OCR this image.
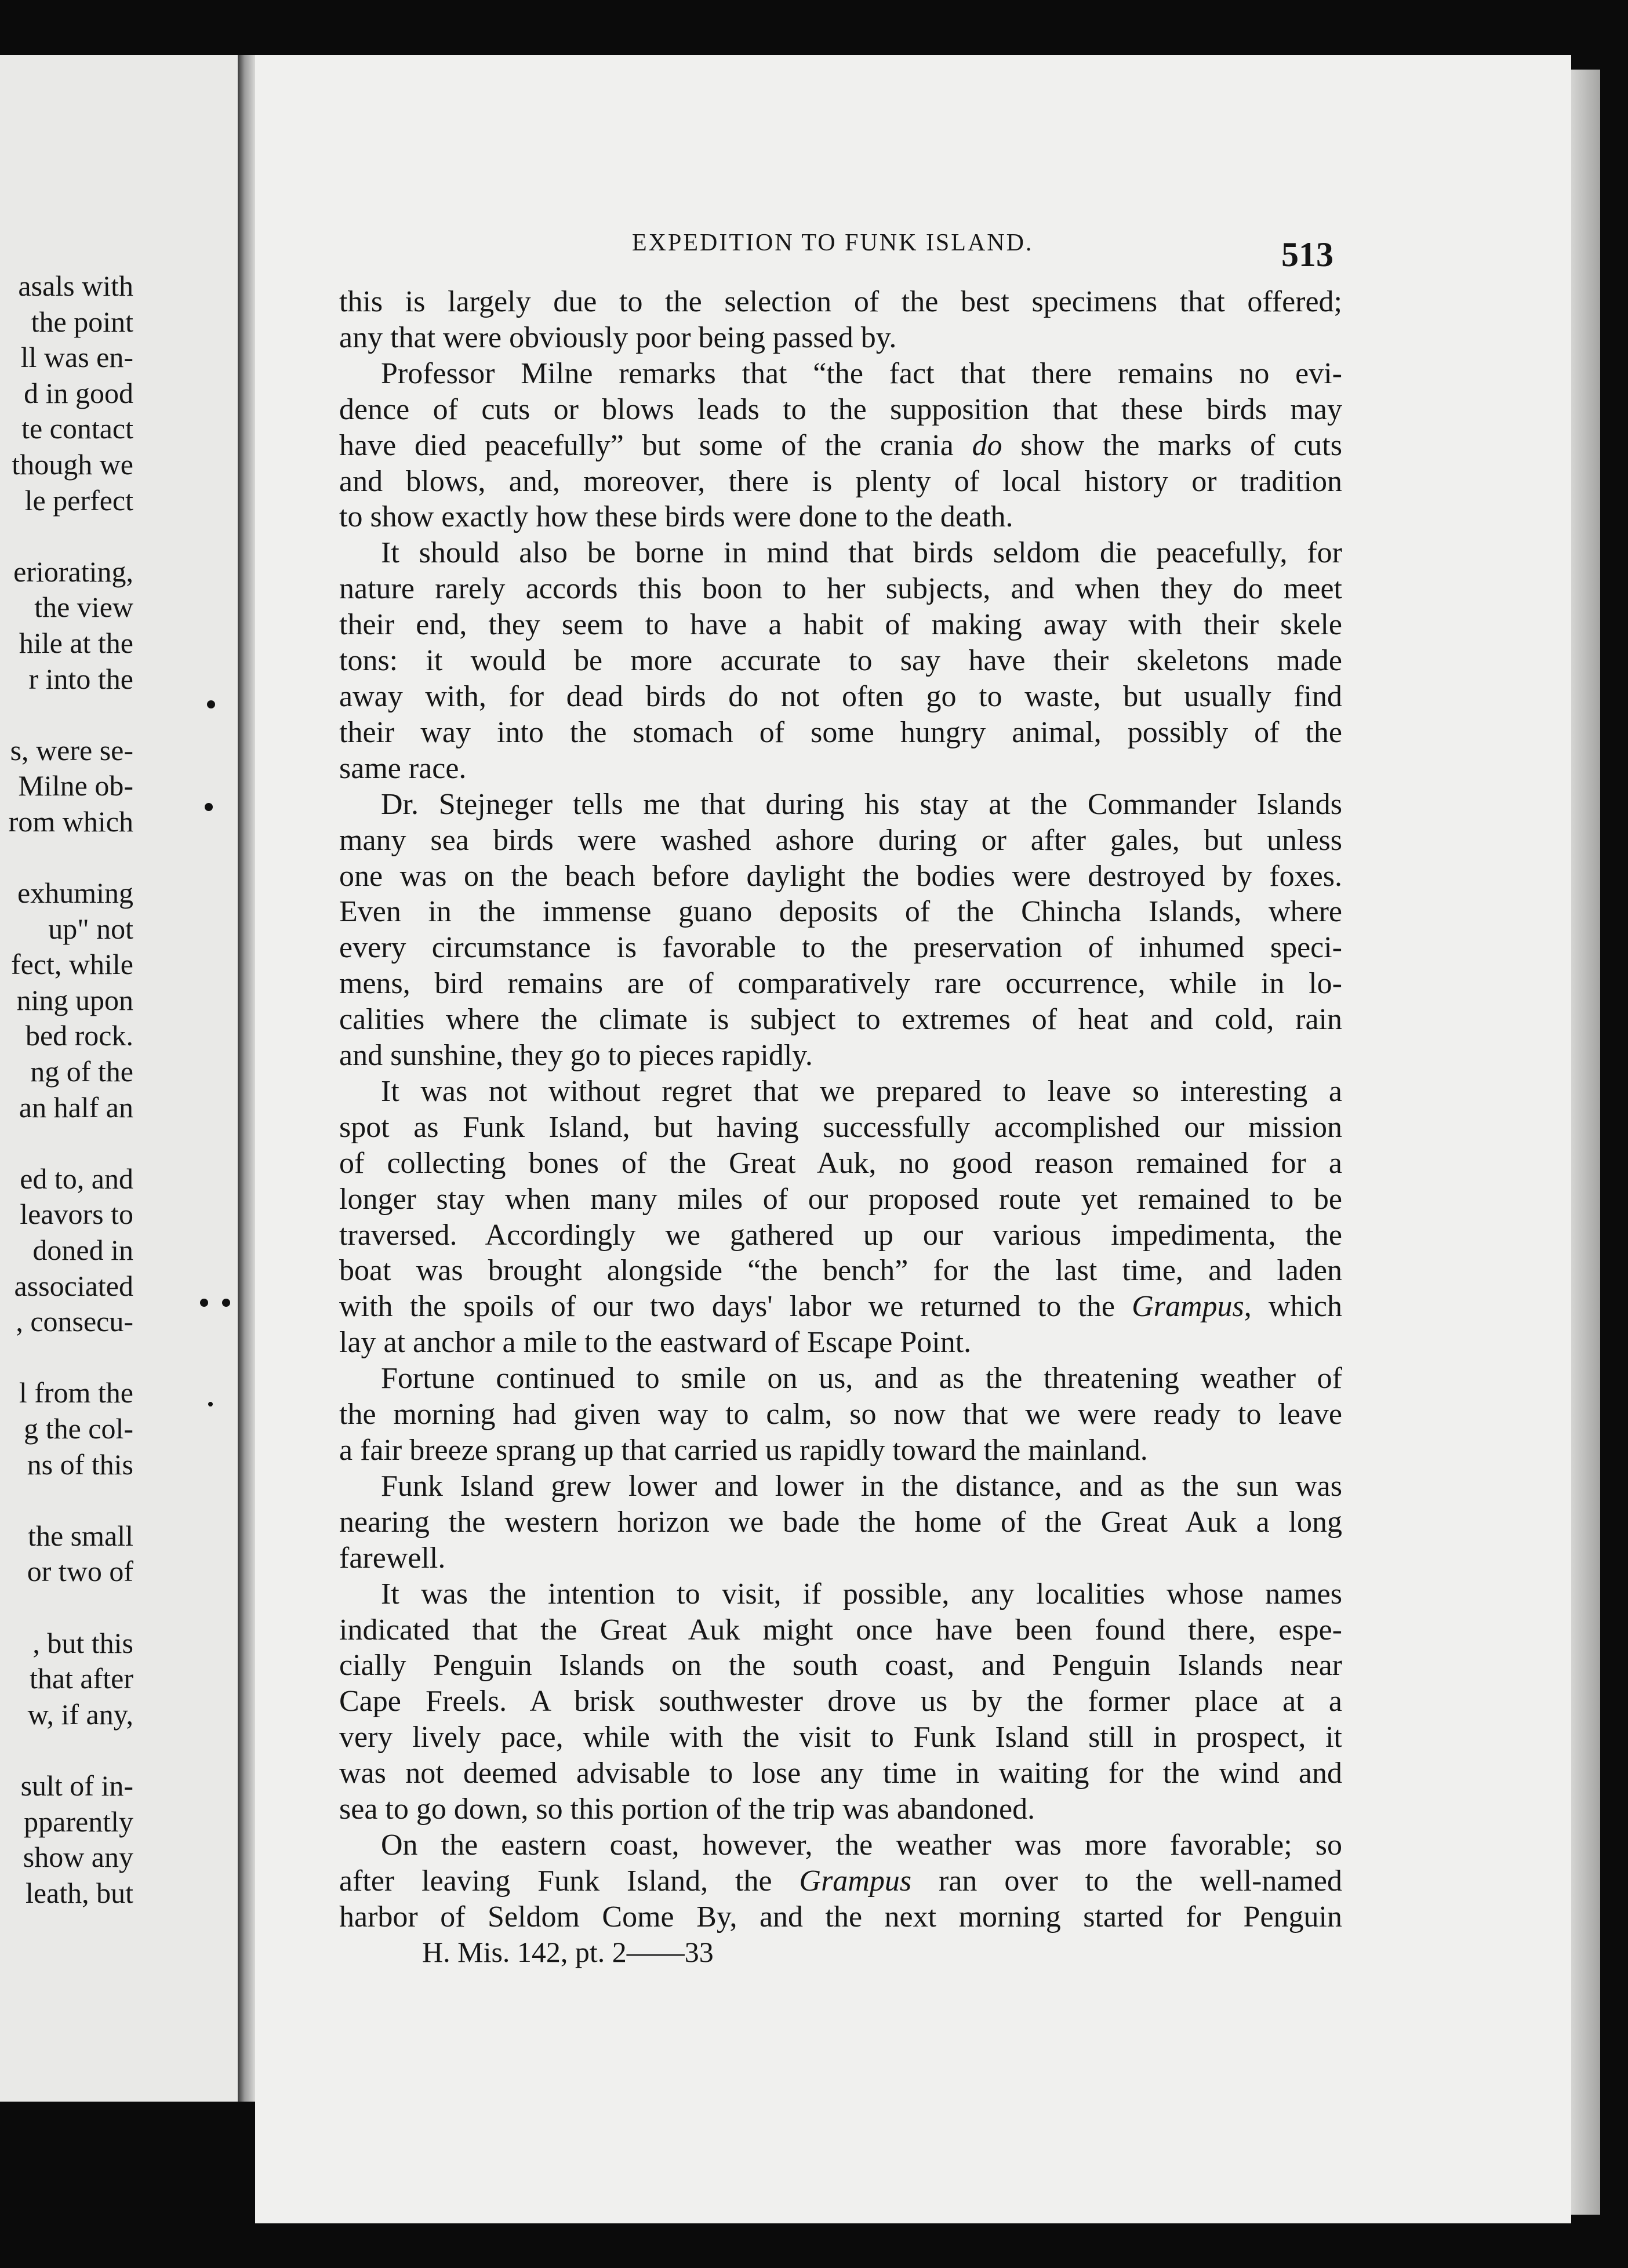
asals with
the point
ll was en-
d in good
te contact
though we
le perfect
eriorating,
the view
hile at the
r into the
s, were se-
Milne ob-
rom which
exhuming
up" not
fect, while
ning upon
bed rock.
ng of the
an half an
ed to, and
leavors to
doned in
associated
, consecu-
l from the
g the col-
ns of this
the small
or two of
, but this
that after
w, if any,
sult of in-
pparently
show any
leath, but
EXPEDITION TO FUNK ISLAND.	513
this is largely due to the selection of the best specimens that offered;
any that were obviously poor being passed by.
Professor Milne remarks that “the fact that there remains no evi-
dence of cuts or blows leads to the supposition that these birds may
have died peacefully” but some of the crania do show the marks of cuts
and blows, and, moreover, there is plenty of local history or tradition
to show exactly how these birds were done to the death.
It should also be borne in mind that birds seldom die peacefully, for
nature rarely accords this boon to her subjects, and when they do meet
their end, they seem to have a habit of making away with their skele
tons: it would be more accurate to say have their skeletons made
away with, for dead birds do not often go to waste, but usually find
their way into the stomach of some hungry animal, possibly of the
same race.
Dr. Stejneger tells me that during his stay at the Commander Islands
many sea birds were washed ashore during or after gales, but unless
one was on the beach before daylight the bodies were destroyed by foxes.
Even in the immense guano deposits of the Chincha Islands, where
every circumstance is favorable to the preservation of inhumed speci-
mens, bird remains are of comparatively rare occurrence, while in lo-
calities where the climate is subject to extremes of heat and cold, rain
and sunshine, they go to pieces rapidly.
It was not without regret that we prepared to leave so interesting a
spot as Funk Island, but having successfully accomplished our mission
of collecting bones of the Great Auk, no good reason remained for a
longer stay when many miles of our proposed route yet remained to be
traversed. Accordingly we gathered up our various impedimenta, the
boat was brought alongside “the bench” for the last time, and laden
with the spoils of our two days' labor we returned to the Grampus, which
lay at anchor a mile to the eastward of Escape Point.
Fortune continued to smile on us, and as the threatening weather of
the morning had given way to calm, so now that we were ready to leave
a fair breeze sprang up that carried us rapidly toward the mainland.
Funk Island grew lower and lower in the distance, and as the sun was
nearing the western horizon we bade the home of the Great Auk a long
farewell.
It was the intention to visit, if possible, any localities whose names
indicated that the Great Auk might once have been found there, espe-
cially Penguin Islands on the south coast, and Penguin Islands near
Cape Freels. A brisk southwester drove us by the former place at a
very lively pace, while with the visit to Funk Island still in prospect, it
was not deemed advisable to lose any time in waiting for the wind and
sea to go down, so this portion of the trip was abandoned.
On the eastern coast, however, the weather was more favorable; so
after leaving Funk Island, the Grampus ran over to the well-named
harbor of Seldom Come By, and the next morning started for Penguin
H. Mis. 142, pt. 2——33
